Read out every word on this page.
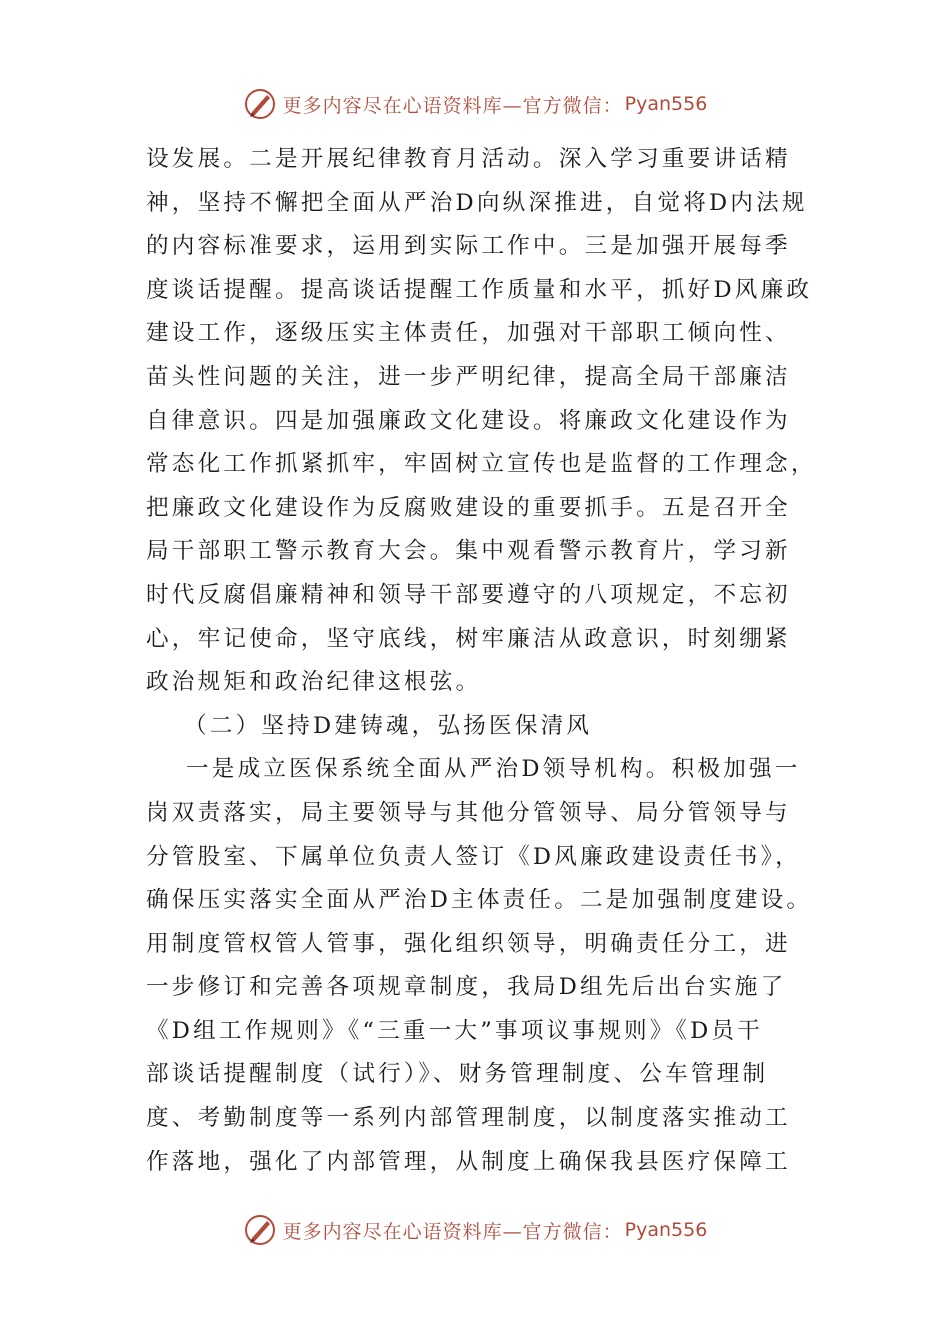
更多内容尽在心语资料库—官方微信： Pyan556
设发展。二是开展纪律教育月活动。深入学习重要讲话精
神，坚持不懈把全面从严治D向纵深推进，自觉将D内法规
的内容标准要求，运用到实际工作中。三是加强开展每季
度谈话提醒。提高谈话提醒工作质量和水平，抓好D风廉政
建设工作，逐级压实主体责任，加强对干部职工倾向性、
苗头性问题的关注，进一步严明纪律，提高全局干部廉洁
自律意识。四是加强廉政文化建设。将廉政文化建设作为
常态化工作抓紧抓牢，牢固树立宣传也是监督的工作理念，
把廉政文化建设作为反腐败建设的重要抓手。五是召开全
局干部职工警示教育大会。集中观看警示教育片，学习新
时代反腐倡廉精神和领导干部要遵守的八项规定，不忘初
心，牢记使命，坚守底线，树牢廉洁从政意识，时刻绷紧
政治规矩和政治纪律这根弦。
（二）坚持D建铸魂，弘扬医保清风
一是成立医保系统全面从严治D领导机构。积极加强一
岗双责落实，局主要领导与其他分管领导、局分管领导与
分管股室、下属单位负责人签订《D风廉政建设责任书》，
确保压实落实全面从严治D主体责任。二是加强制度建设。
用制度管权管人管事，强化组织领导，明确责任分工，进
一步修订和完善各项规章制度，我局D组先后出台实施了
《D组工作规则》《“三重一大”事项议事规则》《D员干
部谈话提醒制度（试行）》、财务管理制度、公车管理制
度、考勤制度等一系列内部管理制度，以制度落实推动工
作落地，强化了内部管理，从制度上确保我县医疗保障工
更多内容尽在心语资料库—官方微信： Pyan556
